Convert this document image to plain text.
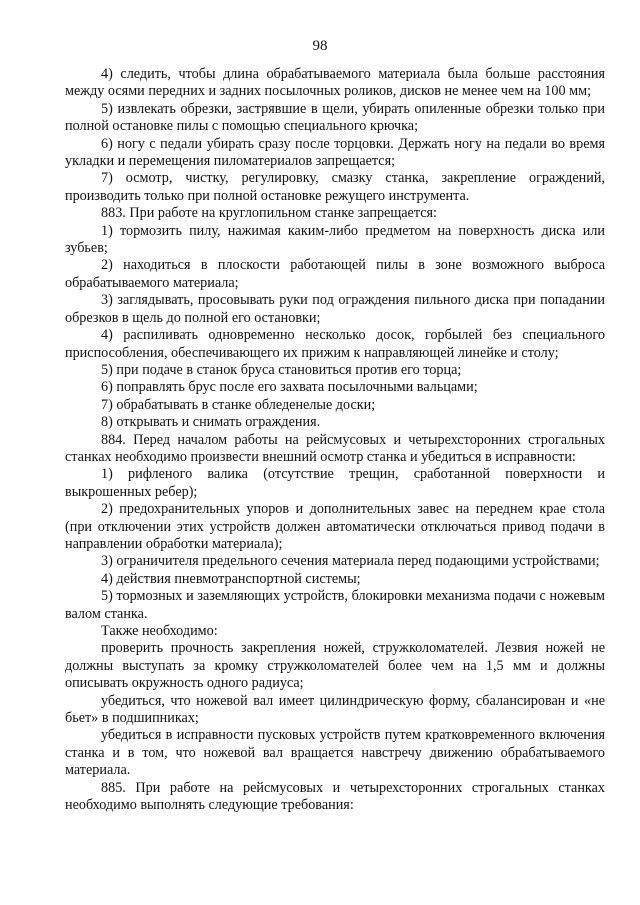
98

4) следить, чтобы длина обрабатываемого материала была больше расстояния между осями передних и задних посылочных роликов, дисков не менее чем на 100 мм;

5) извлекать обрезки, застрявшие в щели, убирать опиленные обрезки только при полной остановке пилы с помощью специального крючка;

6) ногу с педали убирать сразу после торцовки. Держать ногу на педали во время укладки и перемещения пиломатериалов запрещается;

7) осмотр, чистку, регулировку, смазку станка, закрепление ограждений, производить только при полной остановке режущего инструмента.

883. При работе на круглопильном станке запрещается:

1) тормозить пилу, нажимая каким-либо предметом на поверхность диска или зубьев;

2) находиться в плоскости работающей пилы в зоне возможного выброса обрабатываемого материала;

3) заглядывать, просовывать руки под ограждения пильного диска при попадании обрезков в щель до полной его остановки;

4) распиливать одновременно несколько досок, горбылей без специального приспособления, обеспечивающего их прижим к направляющей линейке и столу;

5) при подаче в станок бруса становиться против его торца;

6) поправлять брус после его захвата посылочными вальцами;

7) обрабатывать в станке обледенелые доски;

8) открывать и снимать ограждения.

884. Перед началом работы на рейсмусовых и четырехсторонних строгальных станках необходимо произвести внешний осмотр станка и убедиться в исправности:

1) рифленого валика (отсутствие трещин, сработанной поверхности и выкрошенных ребер);

2) предохранительных упоров и дополнительных завес на переднем крае стола (при отключении этих устройств должен автоматически отключаться привод подачи в направлении обработки материала);

3) ограничителя предельного сечения материала перед подающими устройствами;

4) действия пневмотранспортной системы;

5) тормозных и заземляющих устройств, блокировки механизма подачи с ножевым валом станка.

Также необходимо:

проверить прочность закрепления ножей, стружколомателей. Лезвия ножей не должны выступать за кромку стружколомателей более чем на 1,5 мм и должны описывать окружность одного радиуса;

убедиться, что ножевой вал имеет цилиндрическую форму, сбалансирован и «не бьет» в подшипниках;

убедиться в исправности пусковых устройств путем кратковременного включения станка и в том, что ножевой вал вращается навстречу движению обрабатываемого материала.

885. При работе на рейсмусовых и четырехсторонних строгальных станках необходимо выполнять следующие требования:
